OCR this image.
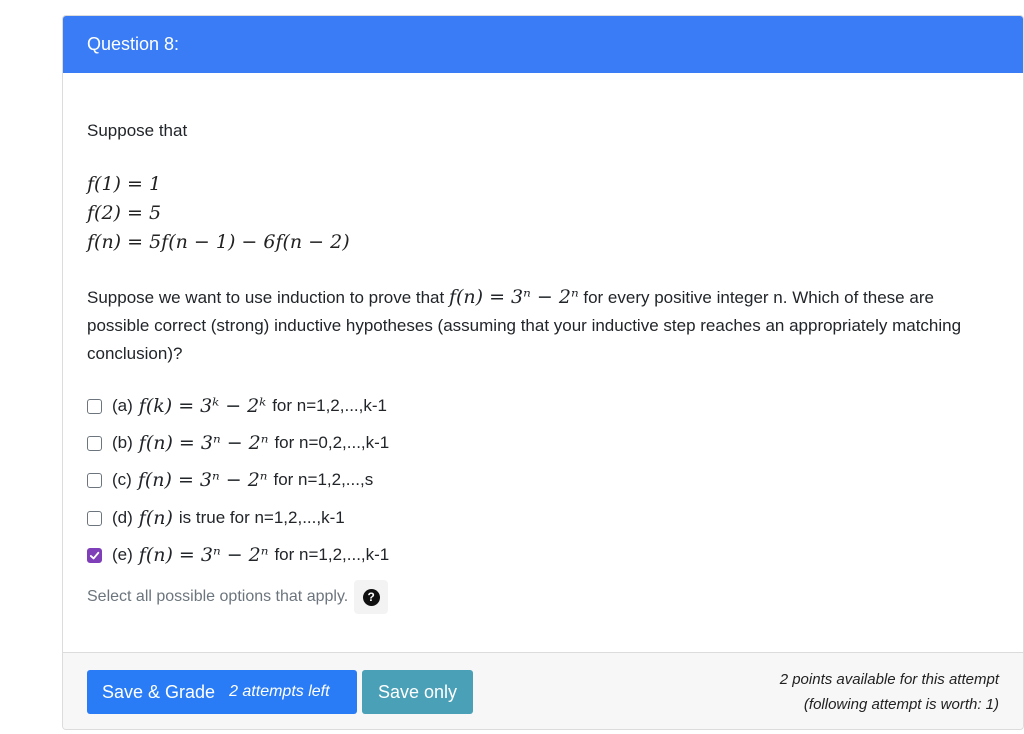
Question 8:
Suppose that
f(1) = 1
f(2) = 5
f(n) = 5f(n − 1) − 6f(n − 2)
Suppose we want to use induction to prove that f(n) = 3ⁿ − 2ⁿ for every positive integer n. Which of these are possible correct (strong) inductive hypotheses (assuming that your inductive step reaches an appropriately matching conclusion)?
(a) f(k) = 3ᵏ − 2ᵏ for n=1,2,...,k-1
(b) f(n) = 3ⁿ − 2ⁿ for n=0,2,...,k-1
(c) f(n) = 3ⁿ − 2ⁿ for n=1,2,...,s
(d) f(n) is true for n=1,2,...,k-1
(e) f(n) = 3ⁿ − 2ⁿ for n=1,2,...,k-1
Select all possible options that apply.	?
Save & Grade 2 attempts left	Save only
2 points available for this attempt
(following attempt is worth: 1)
